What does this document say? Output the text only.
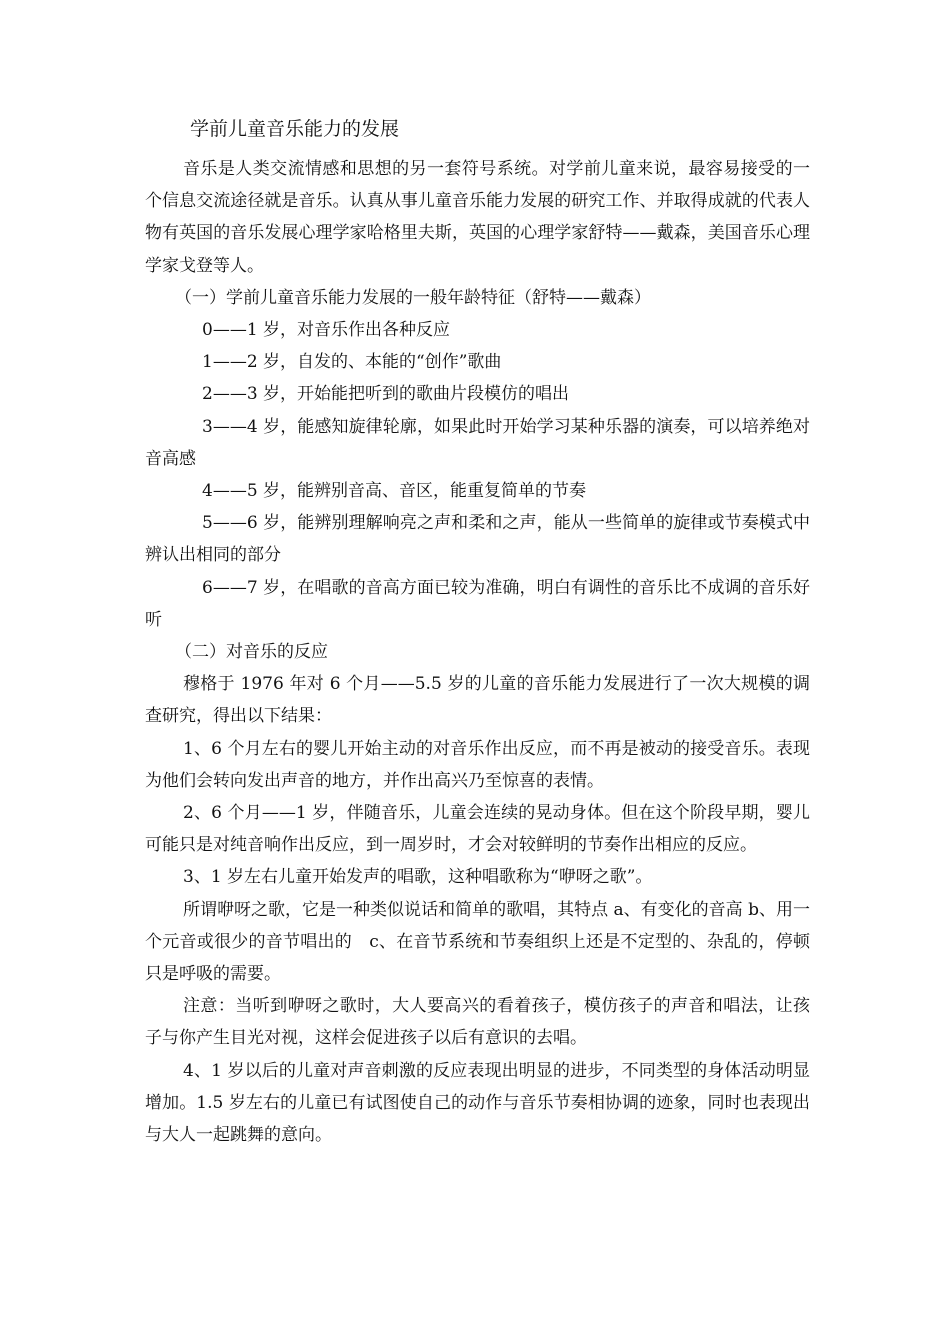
学前儿童音乐能力的发展

音乐是人类交流情感和思想的另一套符号系统。对学前儿童来说，最容易接受的一个信息交流途径就是音乐。认真从事儿童音乐能力发展的研究工作、并取得成就的代表人物有英国的音乐发展心理学家哈格里夫斯，英国的心理学家舒特——戴森，美国音乐心理学家戈登等人。

（一）学前儿童音乐能力发展的一般年龄特征（舒特——戴森）

0——1 岁，对音乐作出各种反应

1——2 岁，自发的、本能的“创作”歌曲

2——3 岁，开始能把听到的歌曲片段模仿的唱出

3——4 岁，能感知旋律轮廓，如果此时开始学习某种乐器的演奏，可以培养绝对音高感

4——5 岁，能辨别音高、音区，能重复简单的节奏

5——6 岁，能辨别理解响亮之声和柔和之声，能从一些简单的旋律或节奏模式中辨认出相同的部分

6——7 岁，在唱歌的音高方面已较为准确，明白有调性的音乐比不成调的音乐好听

（二）对音乐的反应

穆格于 1976 年对 6 个月——5.5 岁的儿童的音乐能力发展进行了一次大规模的调查研究，得出以下结果：

1、6 个月左右的婴儿开始主动的对音乐作出反应，而不再是被动的接受音乐。表现为他们会转向发出声音的地方，并作出高兴乃至惊喜的表情。

2、6 个月——1 岁，伴随音乐，儿童会连续的晃动身体。但在这个阶段早期，婴儿可能只是对纯音响作出反应，到一周岁时，才会对较鲜明的节奏作出相应的反应。

3、1 岁左右儿童开始发声的唱歌，这种唱歌称为“咿呀之歌”。

所谓咿呀之歌，它是一种类似说话和简单的歌唱，其特点 a、有变化的音高 b、用一个元音或很少的音节唱出的　c、在音节系统和节奏组织上还是不定型的、杂乱的，停顿只是呼吸的需要。

注意：当听到咿呀之歌时，大人要高兴的看着孩子，模仿孩子的声音和唱法，让孩子与你产生目光对视，这样会促进孩子以后有意识的去唱。

4、1 岁以后的儿童对声音刺激的反应表现出明显的进步，不同类型的身体活动明显增加。1.5 岁左右的儿童已有试图使自己的动作与音乐节奏相协调的迹象，同时也表现出与大人一起跳舞的意向。
